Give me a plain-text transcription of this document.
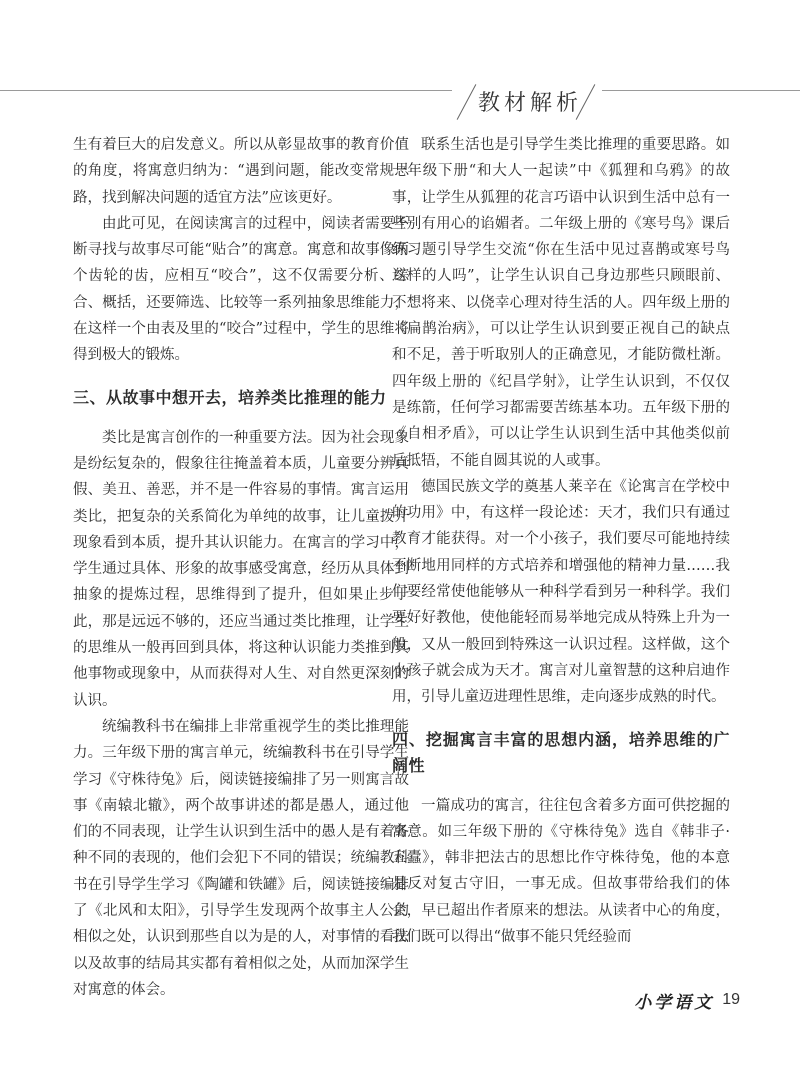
教材解析

生有着巨大的启发意义。所以从彰显故事的教育价值的角度，将寓意归纳为：“遇到问题，能改变常规思路，找到解决问题的适宜方法”应该更好。

由此可见，在阅读寓言的过程中，阅读者需要不断寻找与故事尽可能“贴合”的寓意。寓意和故事像两个齿轮的齿，应相互“咬合”，这不仅需要分析、综合、概括，还要筛选、比较等一系列抽象思维能力，在这样一个由表及里的“咬合”过程中，学生的思维将得到极大的锻炼。

三、从故事中想开去，培养类比推理的能力

类比是寓言创作的一种重要方法。因为社会现象是纷纭复杂的，假象往往掩盖着本质，儿童要分辨真假、美丑、善恶，并不是一件容易的事情。寓言运用类比，把复杂的关系简化为单纯的故事，让儿童拨开现象看到本质，提升其认识能力。在寓言的学习中，学生通过具体、形象的故事感受寓意，经历从具体到抽象的提炼过程，思维得到了提升，但如果止步于此，那是远远不够的，还应当通过类比推理，让学生的思维从一般再回到具体，将这种认识能力类推到其他事物或现象中，从而获得对人生、对自然更深刻的认识。

统编教科书在编排上非常重视学生的类比推理能力。三年级下册的寓言单元，统编教科书在引导学生学习《守株待兔》后，阅读链接编排了另一则寓言故事《南辕北辙》，两个故事讲述的都是愚人，通过他们的不同表现，让学生认识到生活中的愚人是有着各种不同的表现的，他们会犯下不同的错误；统编教科书在引导学生学习《陶罐和铁罐》后，阅读链接编排了《北风和太阳》，引导学生发现两个故事主人公的相似之处，认识到那些自以为是的人，对事情的看法以及故事的结局其实都有着相似之处，从而加深学生对寓意的体会。

联系生活也是引导学生类比推理的重要思路。如一年级下册“和大人一起读”中《狐狸和乌鸦》的故事，让学生从狐狸的花言巧语中认识到生活中总有一些别有用心的谄媚者。二年级上册的《寒号鸟》课后练习题引导学生交流“你在生活中见过喜鹊或寒号鸟这样的人吗”，让学生认识自己身边那些只顾眼前、不想将来、以侥幸心理对待生活的人。四年级上册的《扁鹊治病》，可以让学生认识到要正视自己的缺点和不足，善于听取别人的正确意见，才能防微杜渐。四年级上册的《纪昌学射》，让学生认识到，不仅仅是练箭，任何学习都需要苦练基本功。五年级下册的《自相矛盾》，可以让学生认识到生活中其他类似前后抵牾，不能自圆其说的人或事。

德国民族文学的奠基人莱辛在《论寓言在学校中的功用》中，有这样一段论述：天才，我们只有通过教育才能获得。对一个小孩子，我们要尽可能地持续不断地用同样的方式培养和增强他的精神力量……我们要经常使他能够从一种科学看到另一种科学。我们要好好教他，使他能轻而易举地完成从特殊上升为一般，又从一般回到特殊这一认识过程。这样做，这个小孩子就会成为天才。寓言对儿童智慧的这种启迪作用，引导儿童迈进理性思维，走向逐步成熟的时代。

四、挖掘寓言丰富的思想内涵，培养思维的广阔性

一篇成功的寓言，往往包含着多方面可供挖掘的寓意。如三年级下册的《守株待兔》选自《韩非子·五蠹》，韩非把法古的思想比作守株待兔，他的本意是反对复古守旧，一事无成。但故事带给我们的体会，早已超出作者原来的想法。从读者中心的角度，我们既可以得出“做事不能只凭经验而

小学语文 19
